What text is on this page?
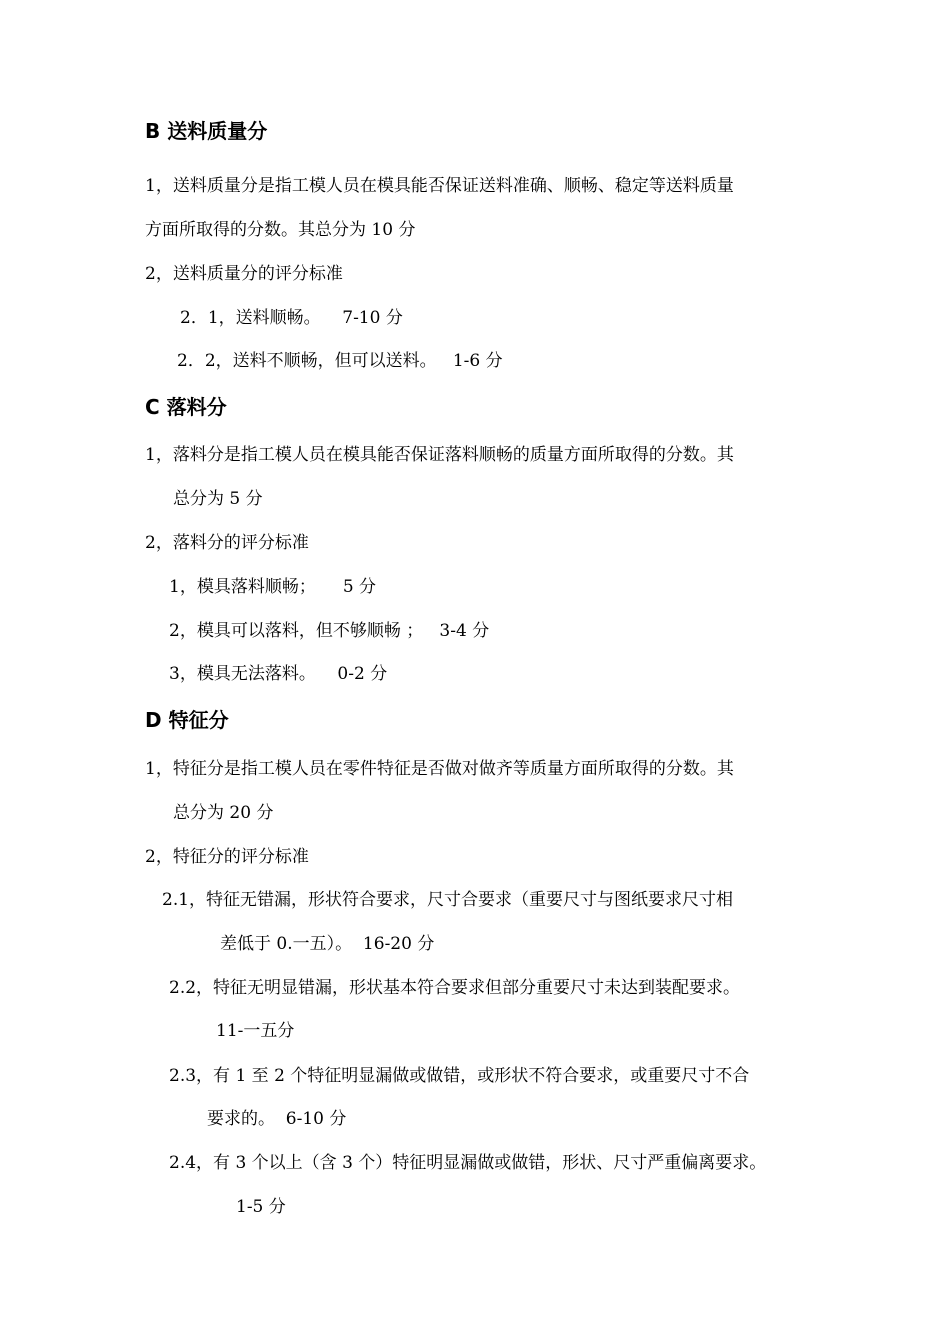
B 送料质量分
1，送料质量分是指工模人员在模具能否保证送料准确、顺畅、稳定等送料质量
方面所取得的分数。其总分为 10 分
2，送料质量分的评分标准
2．1，送料顺畅。    7-10 分
2．2，送料不顺畅，但可以送料。   1-6 分
C 落料分
1，落料分是指工模人员在模具能否保证落料顺畅的质量方面所取得的分数。其
总分为 5 分
2，落料分的评分标准
1，模具落料顺畅；     5 分
2，模具可以落料，但不够顺畅 ；   3-4 分
3，模具无法落料。    0-2 分
D 特征分
1，特征分是指工模人员在零件特征是否做对做齐等质量方面所取得的分数。其
总分为 20 分
2，特征分的评分标准
2.1，特征无错漏，形状符合要求，尺寸合要求（重要尺寸与图纸要求尺寸相
差低于 0.一五）。  16-20 分
2.2，特征无明显错漏，形状基本符合要求但部分重要尺寸未达到装配要求。
11-一五分
2.3，有 1 至 2 个特征明显漏做或做错，或形状不符合要求，或重要尺寸不合
要求的。  6-10 分
2.4，有 3 个以上（含 3 个）特征明显漏做或做错，形状、尺寸严重偏离要求。
1-5 分
